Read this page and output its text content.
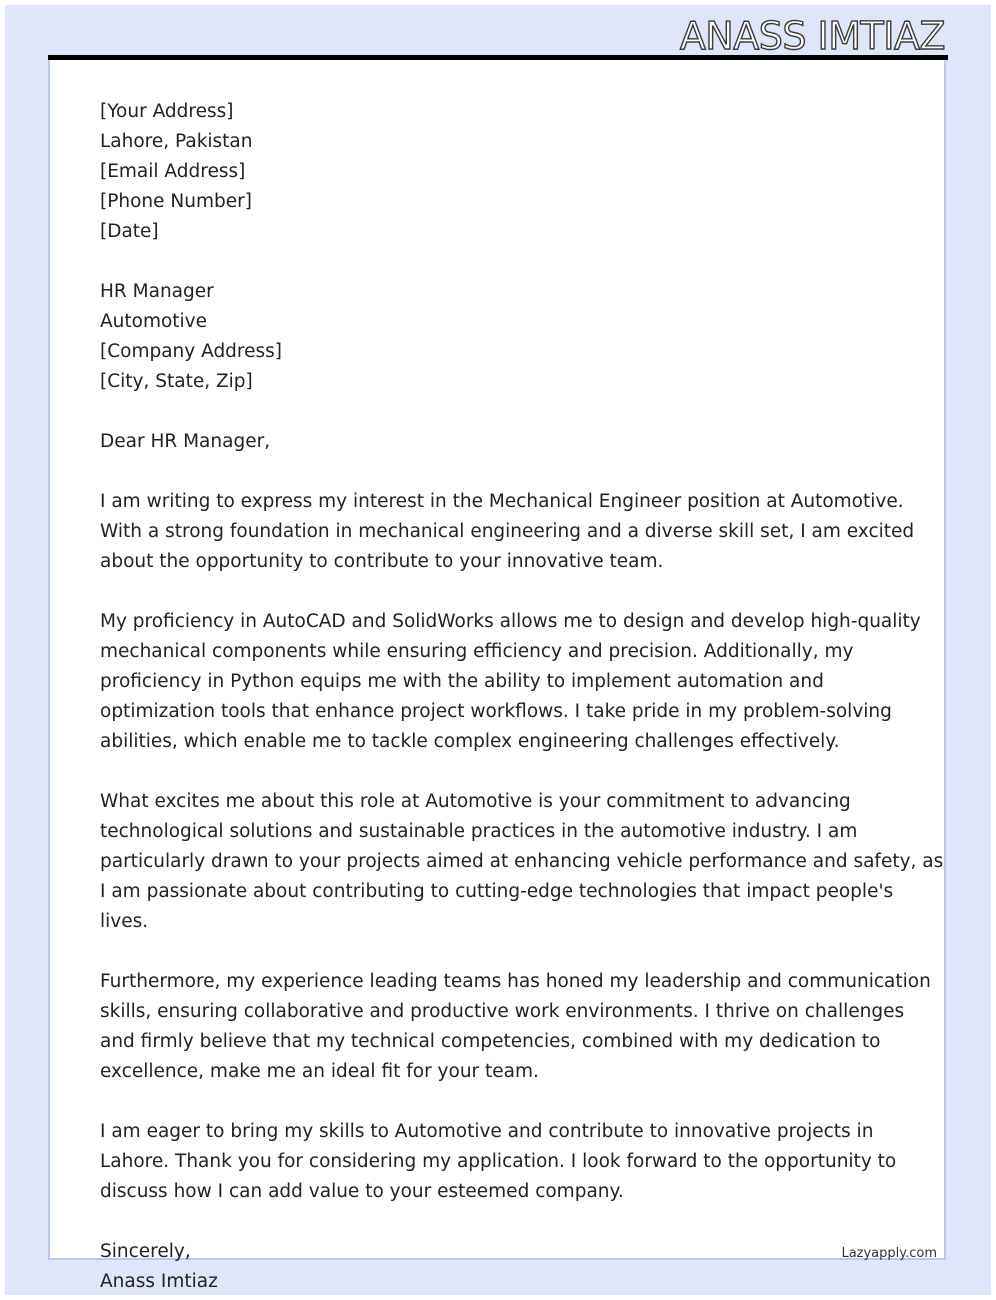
ANASS IMTIAZ
[Your Address]
Lahore, Pakistan
[Email Address]
[Phone Number]
[Date]
HR Manager
Automotive
[Company Address]
[City, State, Zip]
Dear HR Manager,
I am writing to express my interest in the Mechanical Engineer position at Automotive.
With a strong foundation in mechanical engineering and a diverse skill set, I am excited
about the opportunity to contribute to your innovative team.
My proficiency in AutoCAD and SolidWorks allows me to design and develop high-quality
mechanical components while ensuring efficiency and precision. Additionally, my
proficiency in Python equips me with the ability to implement automation and
optimization tools that enhance project workflows. I take pride in my problem-solving
abilities, which enable me to tackle complex engineering challenges effectively.
What excites me about this role at Automotive is your commitment to advancing
technological solutions and sustainable practices in the automotive industry. I am
particularly drawn to your projects aimed at enhancing vehicle performance and safety, as
I am passionate about contributing to cutting-edge technologies that impact people's
lives.
Furthermore, my experience leading teams has honed my leadership and communication
skills, ensuring collaborative and productive work environments. I thrive on challenges
and firmly believe that my technical competencies, combined with my dedication to
excellence, make me an ideal fit for your team.
I am eager to bring my skills to Automotive and contribute to innovative projects in
Lahore. Thank you for considering my application. I look forward to the opportunity to
discuss how I can add value to your esteemed company.
Sincerely,
Anass Imtiaz
Lazyapply.com
